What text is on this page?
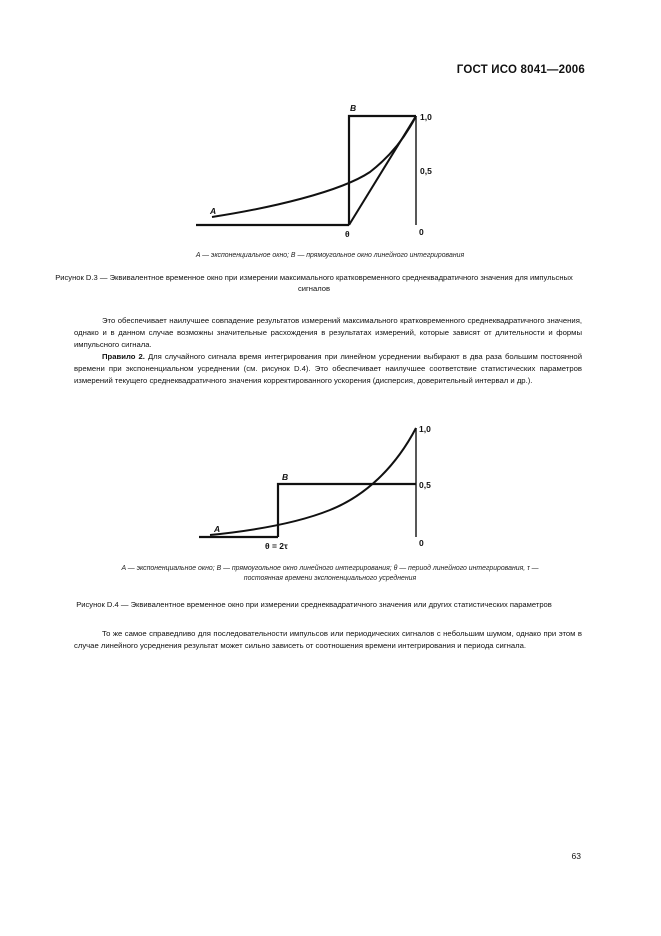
ГОСТ ИСО 8041—2006
A
B
1,0
0,5
θ	0
A — экспоненциальное окно; B — прямоугольное окно линейного интегрирования
Рисунок D.3 — Эквивалентное временное окно при измерении максимального кратковременного среднеквадратичного значения для импульсных сигналов
Это обеспечивает наилучшее совпадение результатов измерений максимального кратковременного среднеквадратичного значения, однако и в данном случае возможны значительные расхождения в результатах измерений, которые зависят от длительности и формы импульсного сигнала.
Правило 2. Для случайного сигнала время интегрирования при линейном усреднении выбирают в два раза большим постоянной времени при экспоненциальном усреднении (см. рисунок D.4). Это обеспечивает наилучшее соответствие статистических параметров измерений текущего среднеквадратичного значения корректированного ускорения (дисперсия, доверительный интервал и др.).
A
B
1,0
0,5
θ = 2τ	0
A — экспоненциальное окно; B — прямоугольное окно линейного интегрирования; θ — период линейного интегрирования, τ —
постоянная времени экспоненциального усреднения
Рисунок D.4 — Эквивалентное временное окно при измерении среднеквадратичного значения или других статистических параметров
То же самое справедливо для последовательности импульсов или периодических сигналов с небольшим шумом, однако при этом в случае линейного усреднения результат может сильно зависеть от соотношения времени интегрирования и периода сигнала.
63
